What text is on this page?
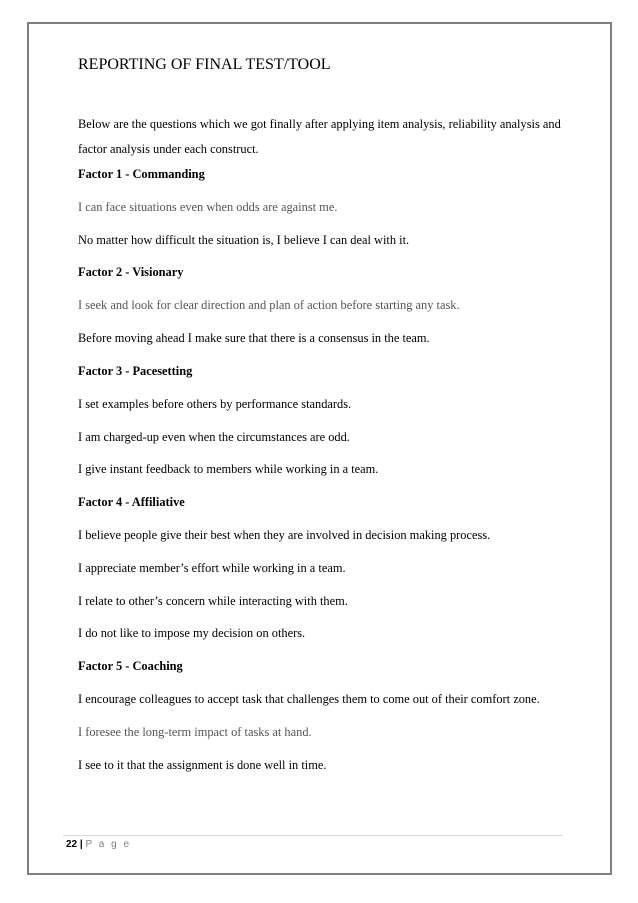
REPORTING OF FINAL TEST/TOOL
Below are the questions which we got finally after applying item analysis, reliability analysis and factor analysis under each construct.
Factor 1 - Commanding
I can face situations even when odds are against me.
No matter how difficult the situation is, I believe I can deal with it.
Factor 2 - Visionary
I seek and look for clear direction and plan of action before starting any task.
Before moving ahead I make sure that there is a consensus in the team.
Factor 3 - Pacesetting
I set examples before others by performance standards.
I am charged-up even when the circumstances are odd.
I give instant feedback to members while working in a team.
Factor 4 - Affiliative
I believe people give their best when they are involved in decision making process.
I appreciate member’s effort while working in a team.
I relate to other’s concern while interacting with them.
I do not like to impose my decision on others.
Factor 5 - Coaching
I encourage colleagues to accept task that challenges them to come out of their comfort zone.
I foresee the long-term impact of tasks at hand.
I see to it that the assignment is done well in time.
22 | P a g e
